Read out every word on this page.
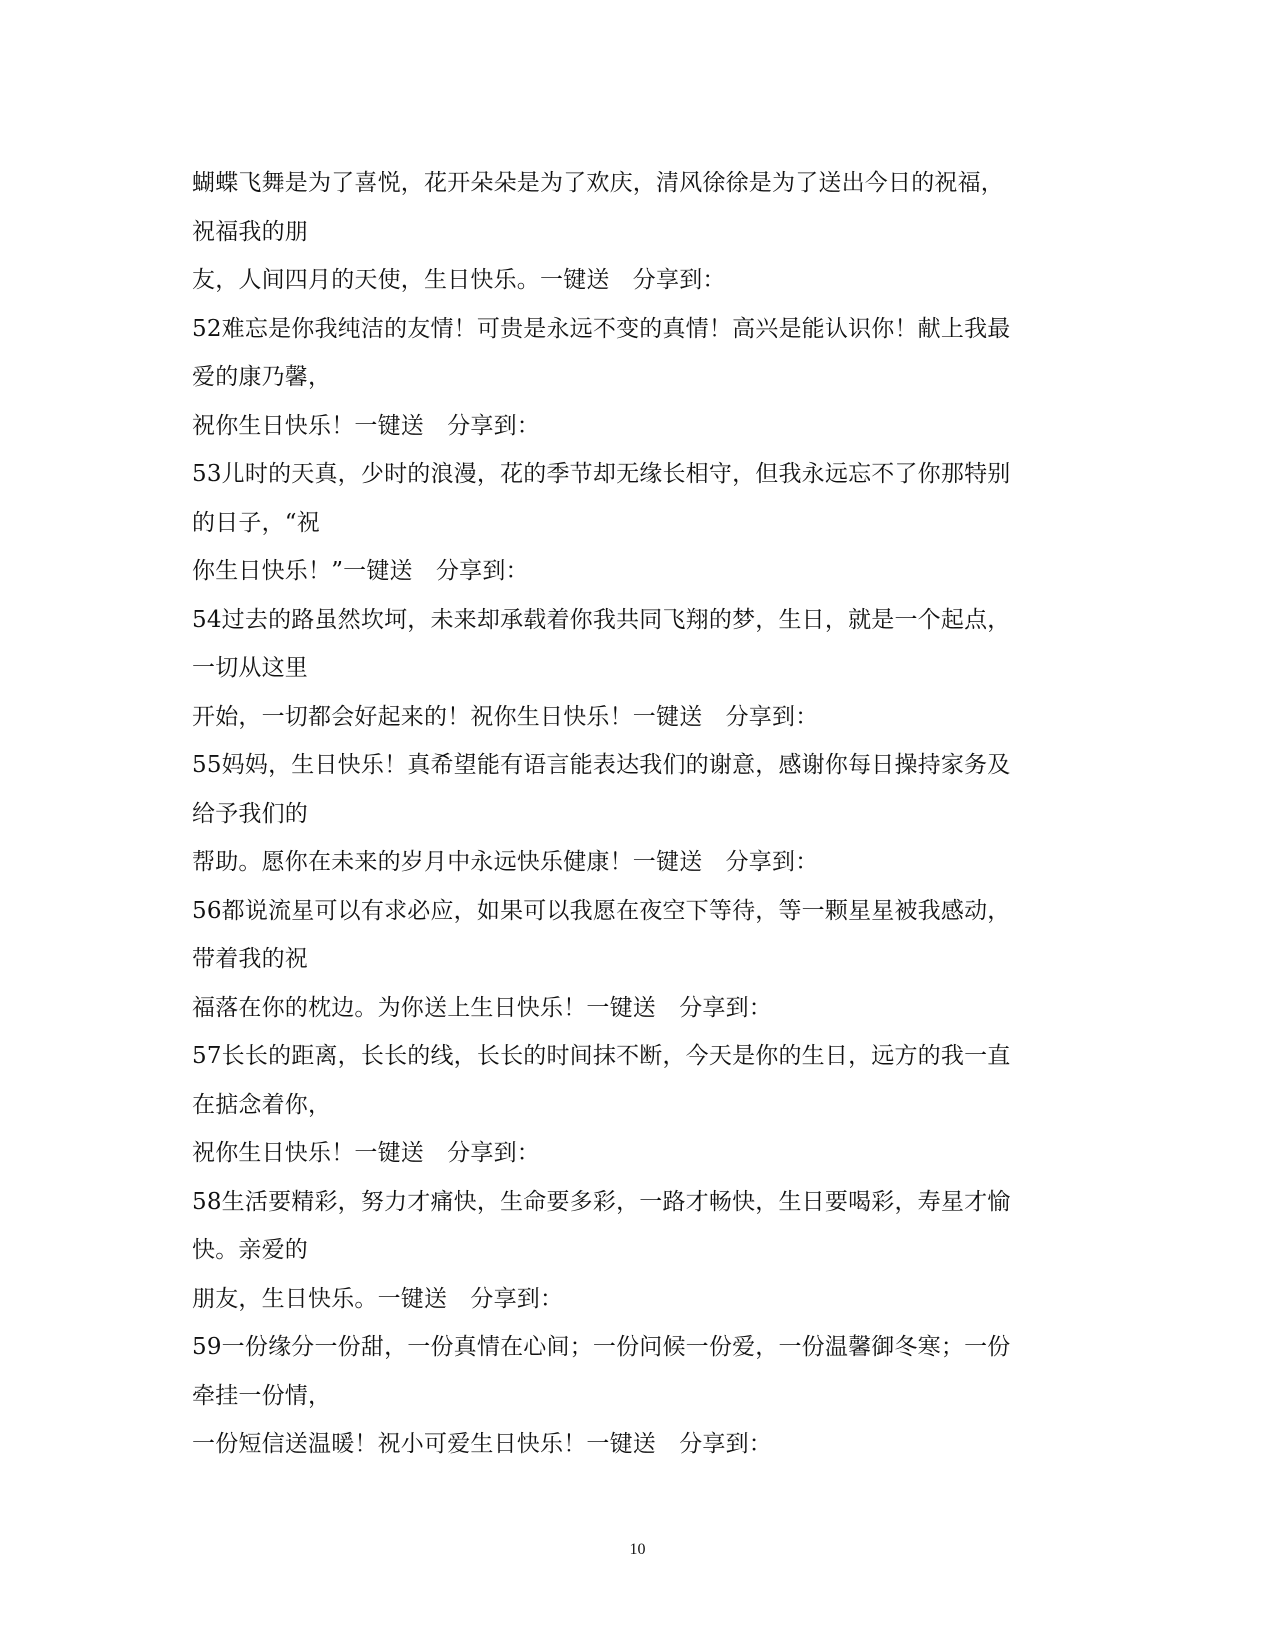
蝴蝶飞舞是为了喜悦，花开朵朵是为了欢庆，清风徐徐是为了送出今日的祝福，
祝福我的朋
友，人间四月的天使，生日快乐。一键送　分享到：
52难忘是你我纯洁的友情！可贵是永远不变的真情！高兴是能认识你！献上我最
爱的康乃馨，
祝你生日快乐！一键送　分享到：
53儿时的天真，少时的浪漫，花的季节却无缘长相守，但我永远忘不了你那特别
的日子，“祝
你生日快乐！”一键送　分享到：
54过去的路虽然坎坷，未来却承载着你我共同飞翔的梦，生日，就是一个起点，
一切从这里
开始，一切都会好起来的！祝你生日快乐！一键送　分享到：
55妈妈，生日快乐！真希望能有语言能表达我们的谢意，感谢你每日操持家务及
给予我们的
帮助。愿你在未来的岁月中永远快乐健康！一键送　分享到：
56都说流星可以有求必应，如果可以我愿在夜空下等待，等一颗星星被我感动，
带着我的祝
福落在你的枕边。为你送上生日快乐！一键送　分享到：
57长长的距离，长长的线，长长的时间抹不断，今天是你的生日，远方的我一直
在掂念着你，
祝你生日快乐！一键送　分享到：
58生活要精彩，努力才痛快，生命要多彩，一路才畅快，生日要喝彩，寿星才愉
快。亲爱的
朋友，生日快乐。一键送　分享到：
59一份缘分一份甜，一份真情在心间；一份问候一份爱，一份温馨御冬寒；一份
牵挂一份情，
一份短信送温暖！祝小可爱生日快乐！一键送　分享到：
10
